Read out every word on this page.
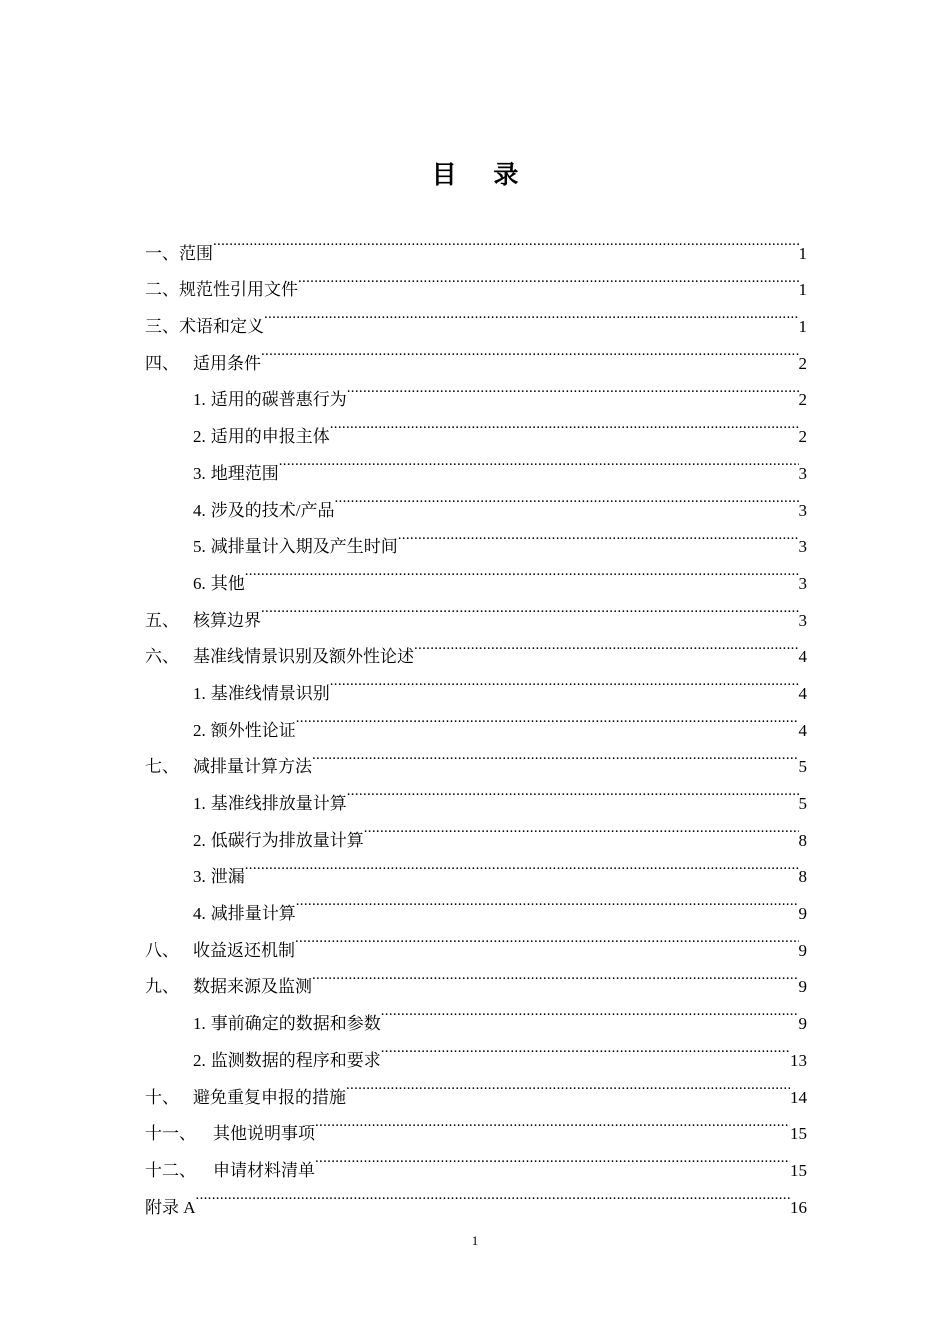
目 录
一、 范围 .....	1
二、 规范性引用文件 .....	1
三、 术语和定义 .....	1
四、 适用条件 .....	2
1. 适用的碳普惠行为 .....	2
2. 适用的申报主体 .....	2
3. 地理范围 .....	3
4. 涉及的技术/产品 .....	3
5. 减排量计入期及产生时间 .....	3
6. 其他 .....	3
五、 核算边界 .....	3
六、 基准线情景识别及额外性论述 .....	4
1. 基准线情景识别 .....	4
2. 额外性论证 .....	4
七、 减排量计算方法 .....	5
1. 基准线排放量计算 .....	5
2. 低碳行为排放量计算 .....	8
3. 泄漏 .....	8
4. 减排量计算 .....	9
八、 收益返还机制 .....	9
九、 数据来源及监测 .....	9
1. 事前确定的数据和参数 .....	9
2. 监测数据的程序和要求 .....	13
十、 避免重复申报的措施 .....	14
十一、	其他说明事项 .....	15
十二、	申请材料清单 .....	15
附录 A .....	16
1
